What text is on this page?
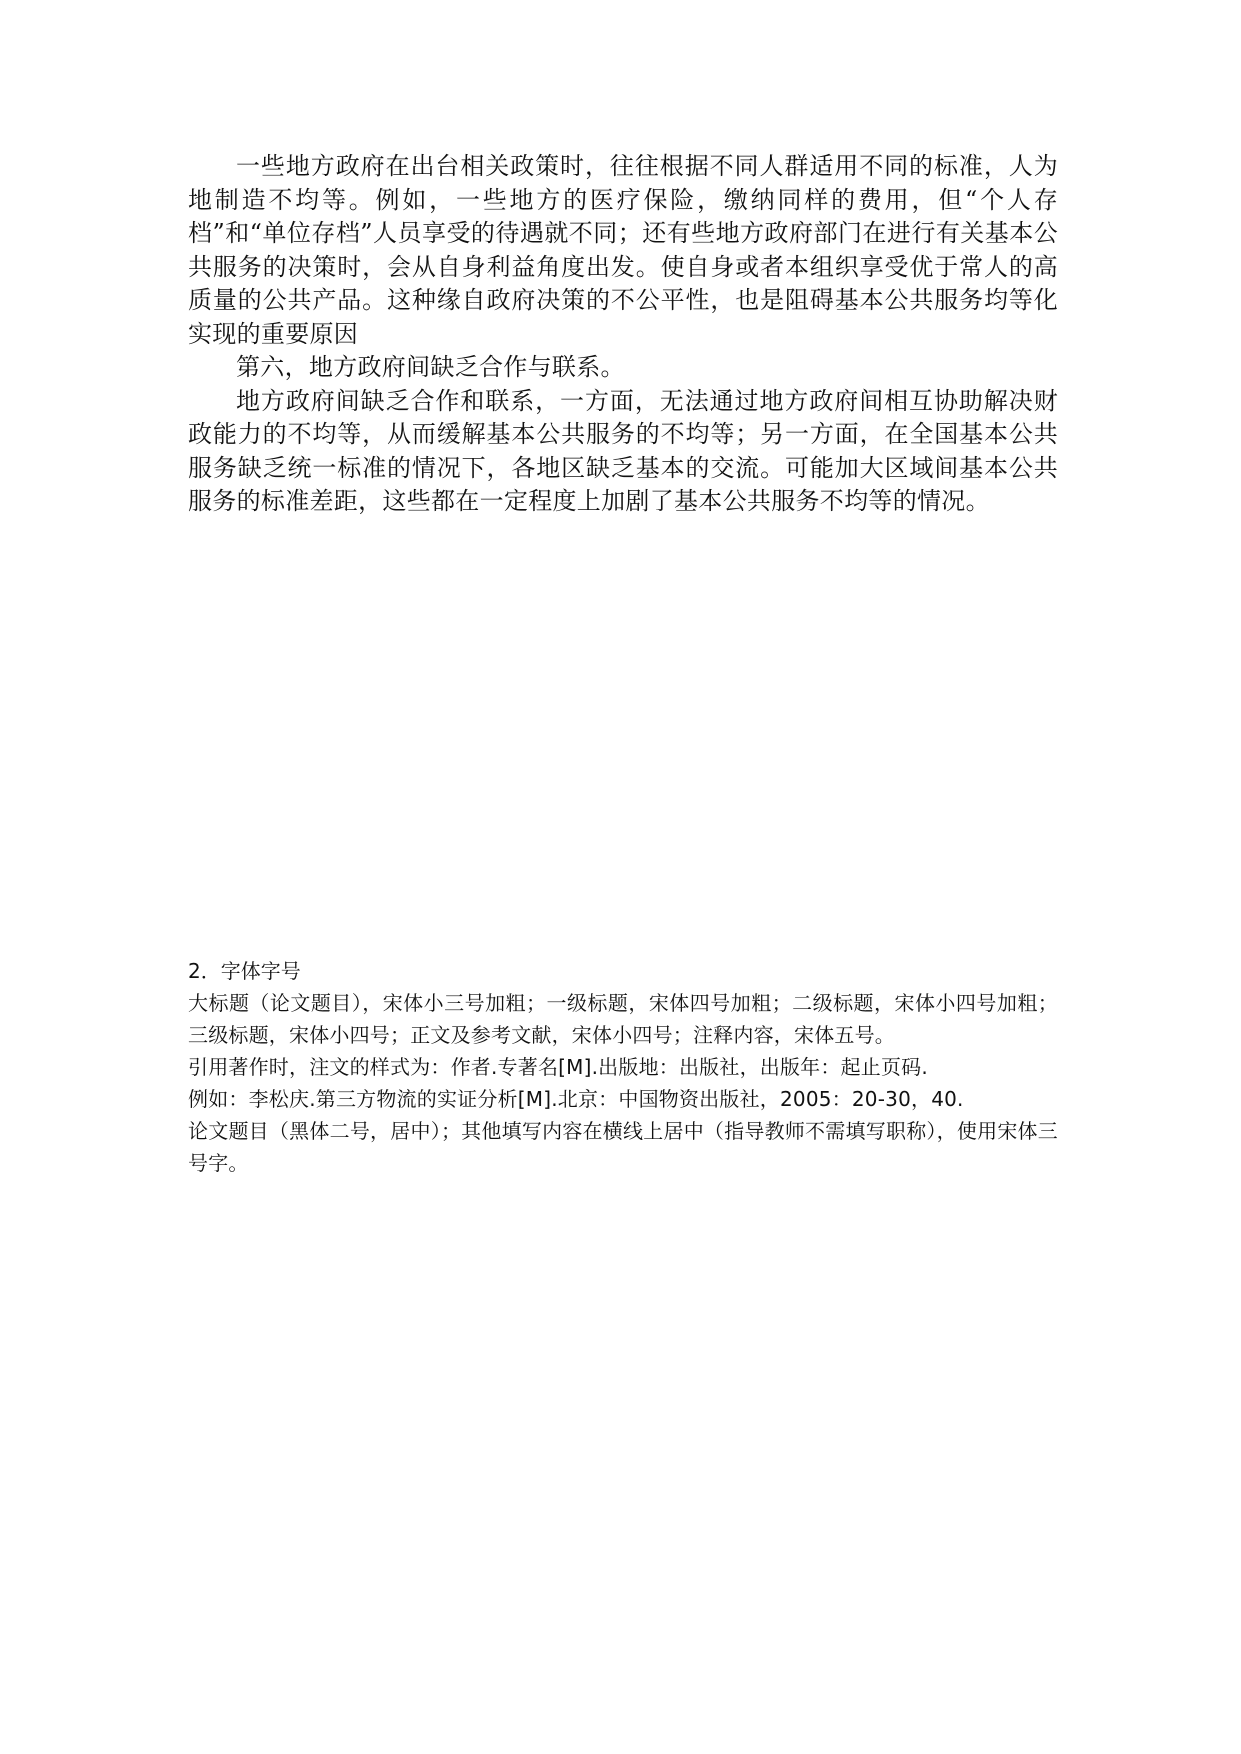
一些地方政府在出台相关政策时，往往根据不同人群适用不同的标准，人为地制造不均等。例如，一些地方的医疗保险，缴纳同样的费用，但“个人存档”和“单位存档”人员享受的待遇就不同；还有些地方政府部门在进行有关基本公共服务的决策时，会从自身利益角度出发。使自身或者本组织享受优于常人的高质量的公共产品。这种缘自政府决策的不公平性，也是阻碍基本公共服务均等化实现的重要原因

第六，地方政府间缺乏合作与联系。

地方政府间缺乏合作和联系，一方面，无法通过地方政府间相互协助解决财政能力的不均等，从而缓解基本公共服务的不均等；另一方面，在全国基本公共服务缺乏统一标准的情况下，各地区缺乏基本的交流。可能加大区域间基本公共服务的标准差距，这些都在一定程度上加剧了基本公共服务不均等的情况。

2．字体字号

大标题（论文题目），宋体小三号加粗；一级标题，宋体四号加粗；二级标题，宋体小四号加粗；三级标题，宋体小四号；正文及参考文献，宋体小四号；注释内容，宋体五号。

引用著作时，注文的样式为：作者.专著名[M].出版地：出版社，出版年：起止页码.

例如：李松庆.第三方物流的实证分析[M].北京：中国物资出版社，2005：20-30，40.

论文题目（黑体二号，居中）；其他填写内容在横线上居中（指导教师不需填写职称），使用宋体三号字。
